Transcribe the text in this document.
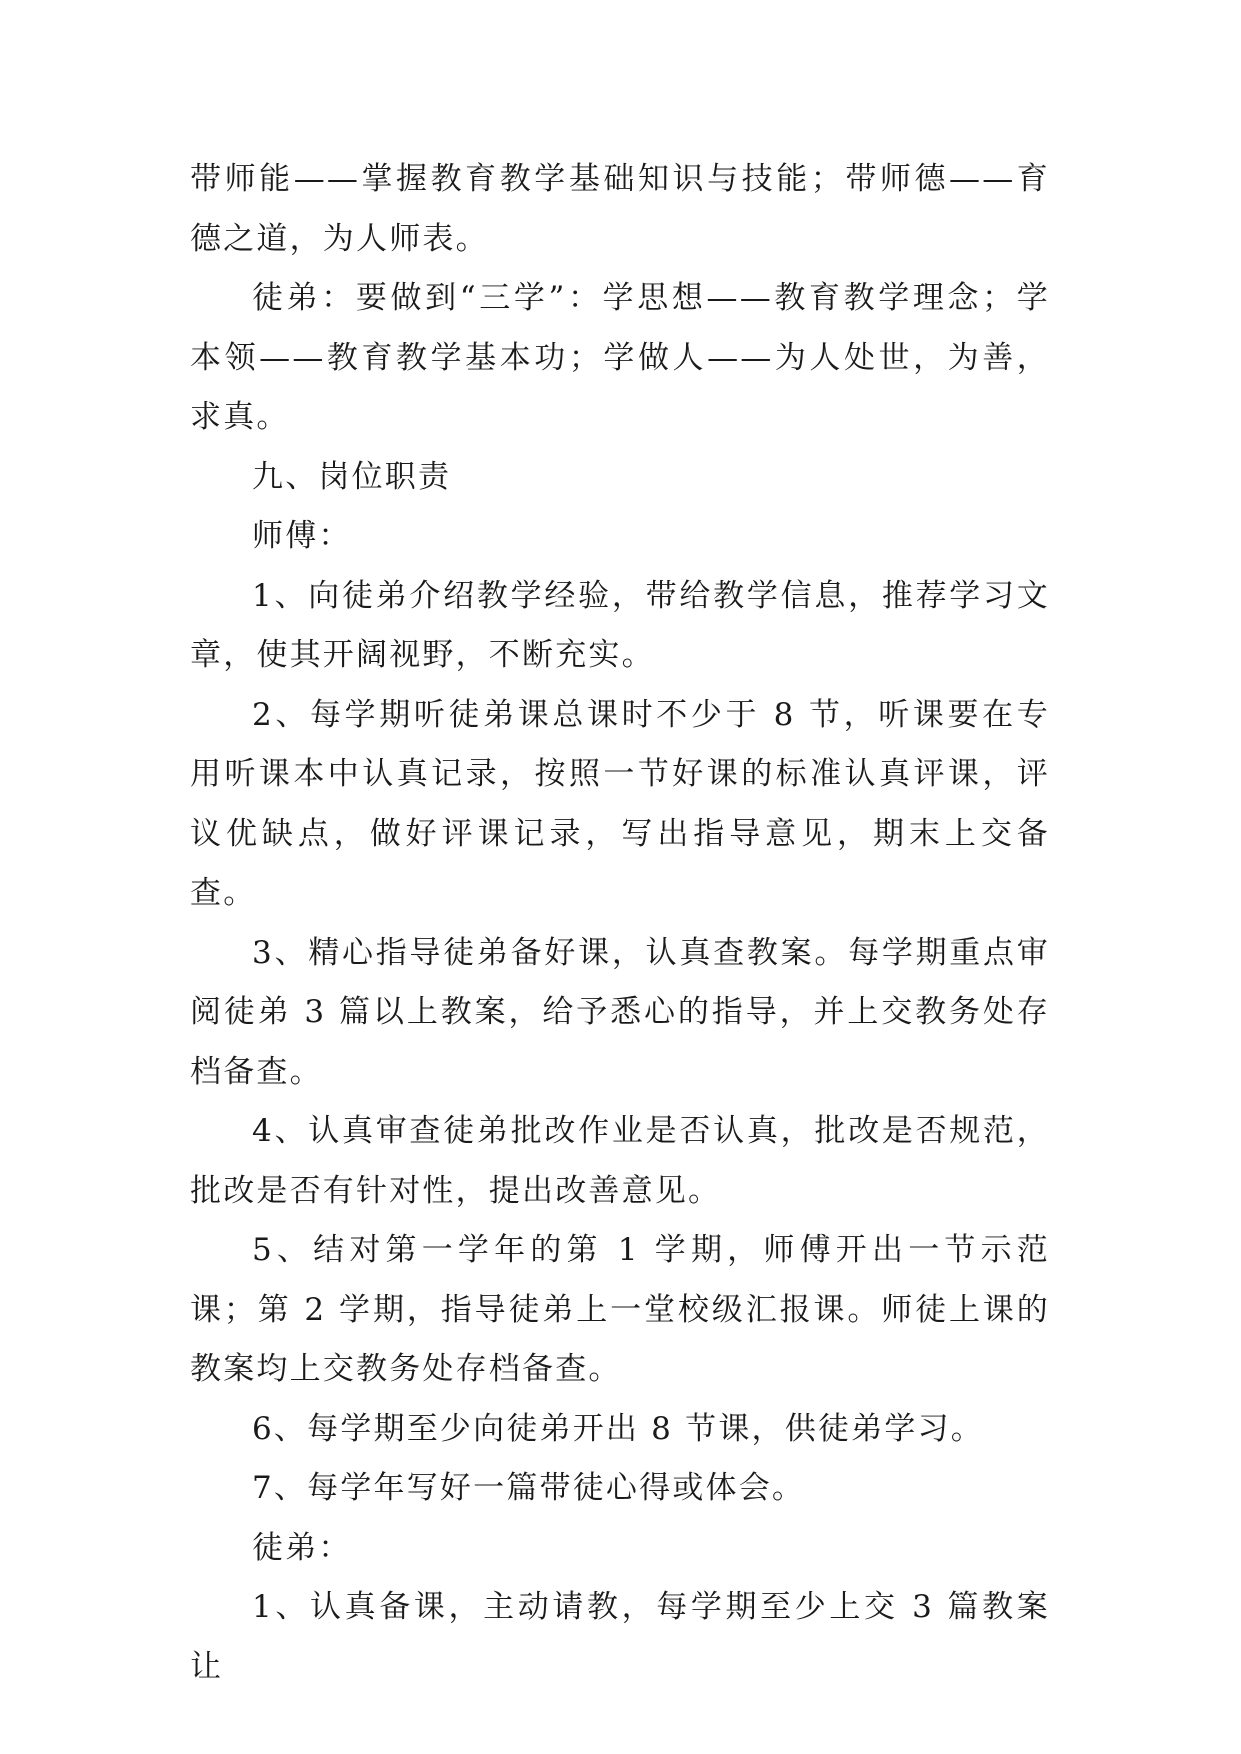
带师能——掌握教育教学基础知识与技能；带师德——育德之道，为人师表。

徒弟：要做到“三学”：学思想——教育教学理念；学本领——教育教学基本功；学做人——为人处世，为善，求真。

九、岗位职责

师傅：

1、向徒弟介绍教学经验，带给教学信息，推荐学习文章，使其开阔视野，不断充实。

2、每学期听徒弟课总课时不少于 8 节，听课要在专用听课本中认真记录，按照一节好课的标准认真评课，评议优缺点，做好评课记录，写出指导意见，期末上交备查。

3、精心指导徒弟备好课，认真查教案。每学期重点审阅徒弟 3 篇以上教案，给予悉心的指导，并上交教务处存档备查。

4、认真审查徒弟批改作业是否认真，批改是否规范，批改是否有针对性，提出改善意见。

5、结对第一学年的第 1 学期，师傅开出一节示范课；第 2 学期，指导徒弟上一堂校级汇报课。师徒上课的教案均上交教务处存档备查。

6、每学期至少向徒弟开出 8 节课，供徒弟学习。

7、每学年写好一篇带徒心得或体会。

徒弟：

1、认真备课，主动请教，每学期至少上交 3 篇教案让
